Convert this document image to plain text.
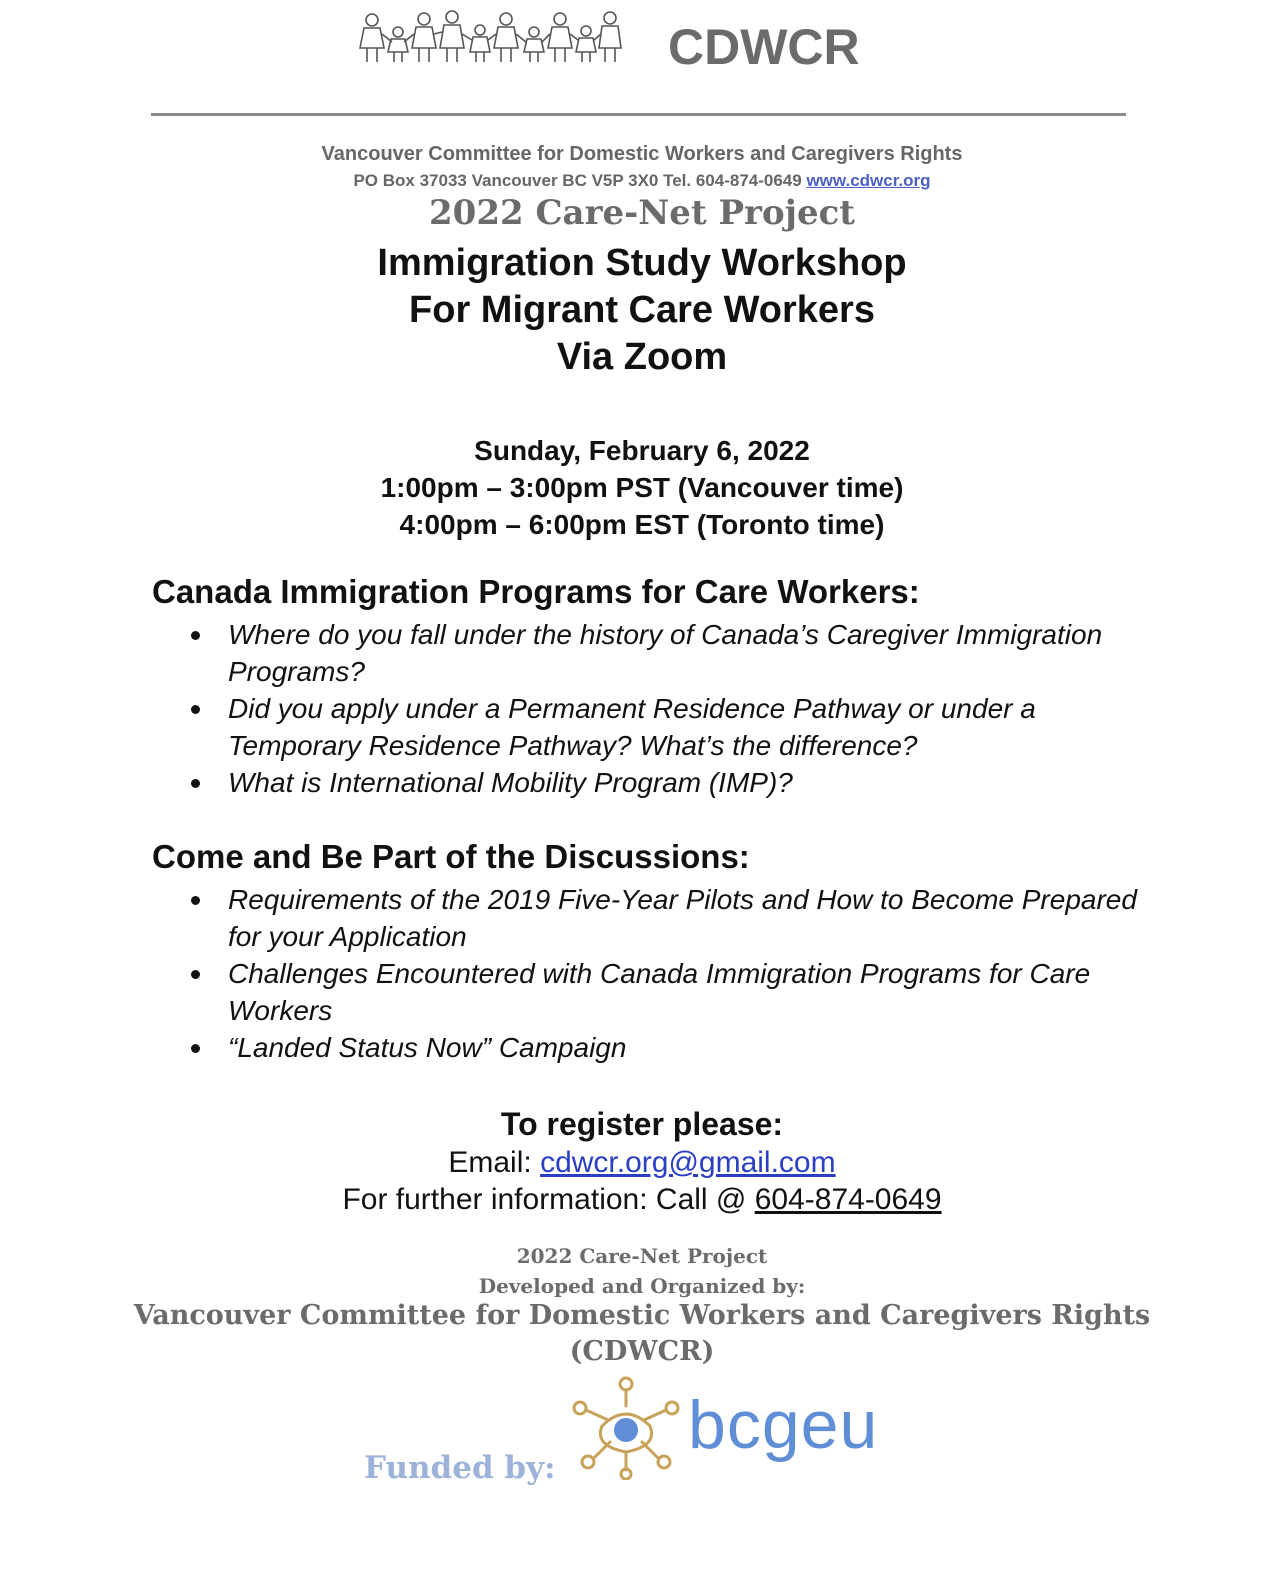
CDWCR
Vancouver Committee for Domestic Workers and Caregivers Rights
PO Box 37033 Vancouver BC V5P 3X0 Tel. 604-874-0649 www.cdwcr.org
2022 Care-Net Project
Immigration Study Workshop
For Migrant Care Workers
Via Zoom
Sunday, February 6, 2022
1:00pm – 3:00pm PST (Vancouver time)
4:00pm – 6:00pm EST (Toronto time)
Canada Immigration Programs for Care Workers:
Where do you fall under the history of Canada’s Caregiver Immigration Programs?
Did you apply under a Permanent Residence Pathway or under a Temporary Residence Pathway? What’s the difference?
What is International Mobility Program (IMP)?
Come and Be Part of the Discussions:
Requirements of the 2019 Five-Year Pilots and How to Become Prepared for your Application
Challenges Encountered with Canada Immigration Programs for Care Workers
“Landed Status Now” Campaign
To register please:
Email: cdwcr.org@gmail.com
For further information: Call @ 604-874-0649
2022 Care-Net Project
Developed and Organized by:
Vancouver Committee for Domestic Workers and Caregivers Rights
(CDWCR)
Funded by:
bcgeu
